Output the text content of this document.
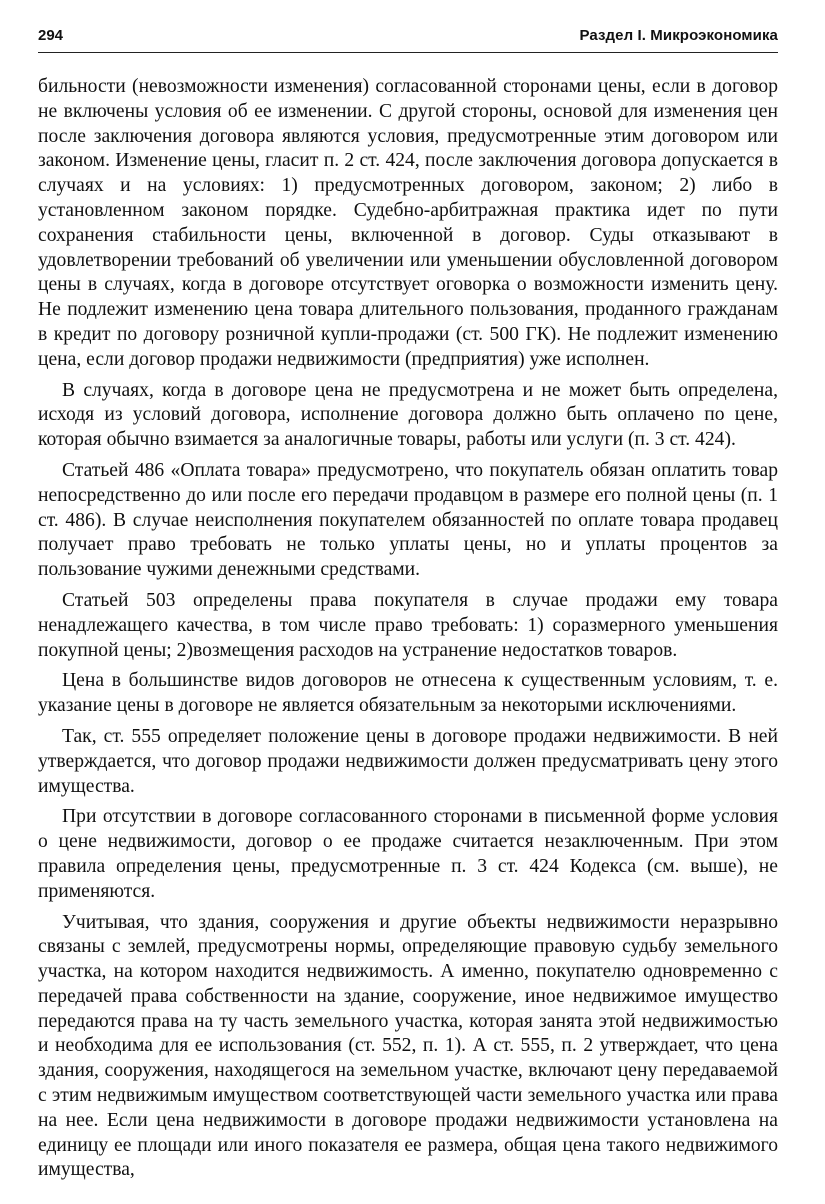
294	Раздел I. Микроэкономика

бильности (невозможности изменения) согласованной сторонами цены, если в договор не включены условия об ее изменении. С другой стороны, основой для изменения цен после заключения договора являются условия, предусмотренные этим договором или законом. Изменение цены, гласит п. 2 ст. 424, после заключения договора допускается в случаях и на условиях: 1) предусмотренных договором, законом; 2) либо в установленном законом порядке. Судебно-арбитражная практика идет по пути сохранения стабильности цены, включенной в договор. Суды отказывают в удовлетворении требований об увеличении или уменьшении обусловленной договором цены в случаях, когда в договоре отсутствует оговорка о возможности изменить цену. Не подлежит изменению цена товара длительного пользования, проданного гражданам в кредит по договору розничной купли-продажи (ст. 500 ГК). Не подлежит изменению цена, если договор продажи недвижимости (предприятия) уже исполнен.

В случаях, когда в договоре цена не предусмотрена и не может быть определена, исходя из условий договора, исполнение договора должно быть оплачено по цене, которая обычно взимается за аналогичные товары, работы или услуги (п. 3 ст. 424).

Статьей 486 «Оплата товара» предусмотрено, что покупатель обязан оплатить товар непосредственно до или после его передачи продавцом в размере его полной цены (п. 1 ст. 486). В случае неисполнения покупателем обязанностей по оплате товара продавец получает право требовать не только уплаты цены, но и уплаты процентов за пользование чужими денежными средствами.

Статьей 503 определены права покупателя в случае продажи ему товара ненадлежащего качества, в том числе право требовать: 1) соразмерного уменьшения покупной цены; 2)возмещения расходов на устранение недостатков товаров.

Цена в большинстве видов договоров не отнесена к существенным условиям, т. е. указание цены в договоре не является обязательным за некоторыми исключениями.

Так, ст. 555 определяет положение цены в договоре продажи недвижимости. В ней утверждается, что договор продажи недвижимости должен предусматривать цену этого имущества.

При отсутствии в договоре согласованного сторонами в письменной форме условия о цене недвижимости, договор о ее продаже считается незаключенным. При этом правила определения цены, предусмотренные п. 3 ст. 424 Кодекса (см. выше), не применяются.

Учитывая, что здания, сооружения и другие объекты недвижимости неразрывно связаны с землей, предусмотрены нормы, определяющие правовую судьбу земельного участка, на котором находится недвижимость. А именно, покупателю одновременно с передачей права собственности на здание, сооружение, иное недвижимое имущество передаются права на ту часть земельного участка, которая занята этой недвижимостью и необходима для ее использования (ст. 552, п. 1). А ст. 555, п. 2 утверждает, что цена здания, сооружения, находящегося на земельном участке, включают цену передаваемой с этим недвижимым имуществом соответствующей части земельного участка или права на нее. Если цена недвижимости в договоре продажи недвижимости установлена на единицу ее площади или иного показателя ее размера, общая цена такого недвижимого имущества,
